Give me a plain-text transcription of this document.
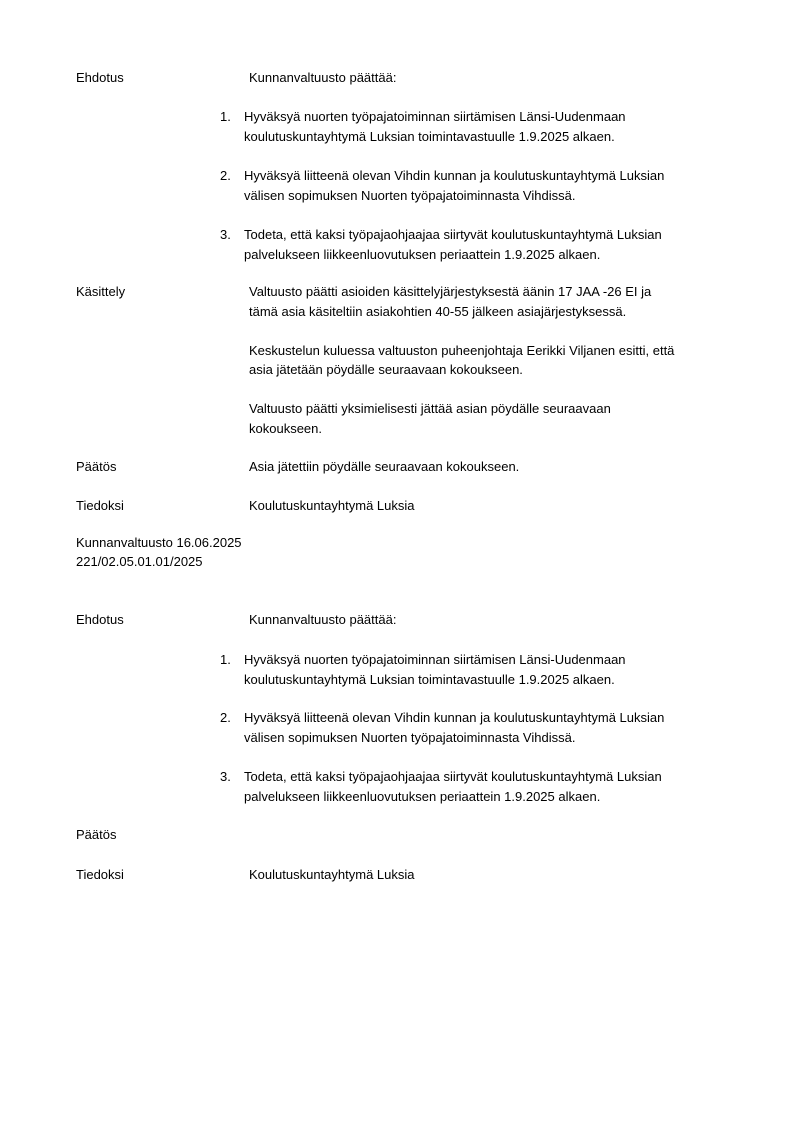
Ehdotus	Kunnanvaltuusto päättää:
1. Hyväksyä nuorten työpajatoiminnan siirtämisen Länsi-Uudenmaan
koulutuskuntayhtymä Luksian toimintavastuulle 1.9.2025 alkaen.
2. Hyväksyä liitteenä olevan Vihdin kunnan ja koulutuskuntayhtymä Luksian
välisen sopimuksen Nuorten työpajatoiminnasta Vihdissä.
3. Todeta, että kaksi työpajaohjaajaa siirtyvät koulutuskuntayhtymä Luksian
palvelukseen liikkeenluovutuksen periaattein 1.9.2025 alkaen.
Käsittely	Valtuusto päätti asioiden käsittelyjärjestyksestä äänin 17 JAA -26 EI ja
tämä asia käsiteltiin asiakohtien 40-55 jälkeen asiajärjestyksessä.
Keskustelun kuluessa valtuuston puheenjohtaja Eerikki Viljanen esitti, että
asia jätetään pöydälle seuraavaan kokoukseen.
Valtuusto päätti yksimielisesti jättää asian pöydälle seuraavaan
kokoukseen.
Päätös	Asia jätettiin pöydälle seuraavaan kokoukseen.
Tiedoksi	Koulutuskuntayhtymä Luksia
Kunnanvaltuusto 16.06.2025
221/02.05.01.01/2025
Ehdotus	Kunnanvaltuusto päättää:
1. Hyväksyä nuorten työpajatoiminnan siirtämisen Länsi-Uudenmaan
koulutuskuntayhtymä Luksian toimintavastuulle 1.9.2025 alkaen.
2. Hyväksyä liitteenä olevan Vihdin kunnan ja koulutuskuntayhtymä Luksian
välisen sopimuksen Nuorten työpajatoiminnasta Vihdissä.
3. Todeta, että kaksi työpajaohjaajaa siirtyvät koulutuskuntayhtymä Luksian
palvelukseen liikkeenluovutuksen periaattein 1.9.2025 alkaen.
Päätös
Tiedoksi	Koulutuskuntayhtymä Luksia
